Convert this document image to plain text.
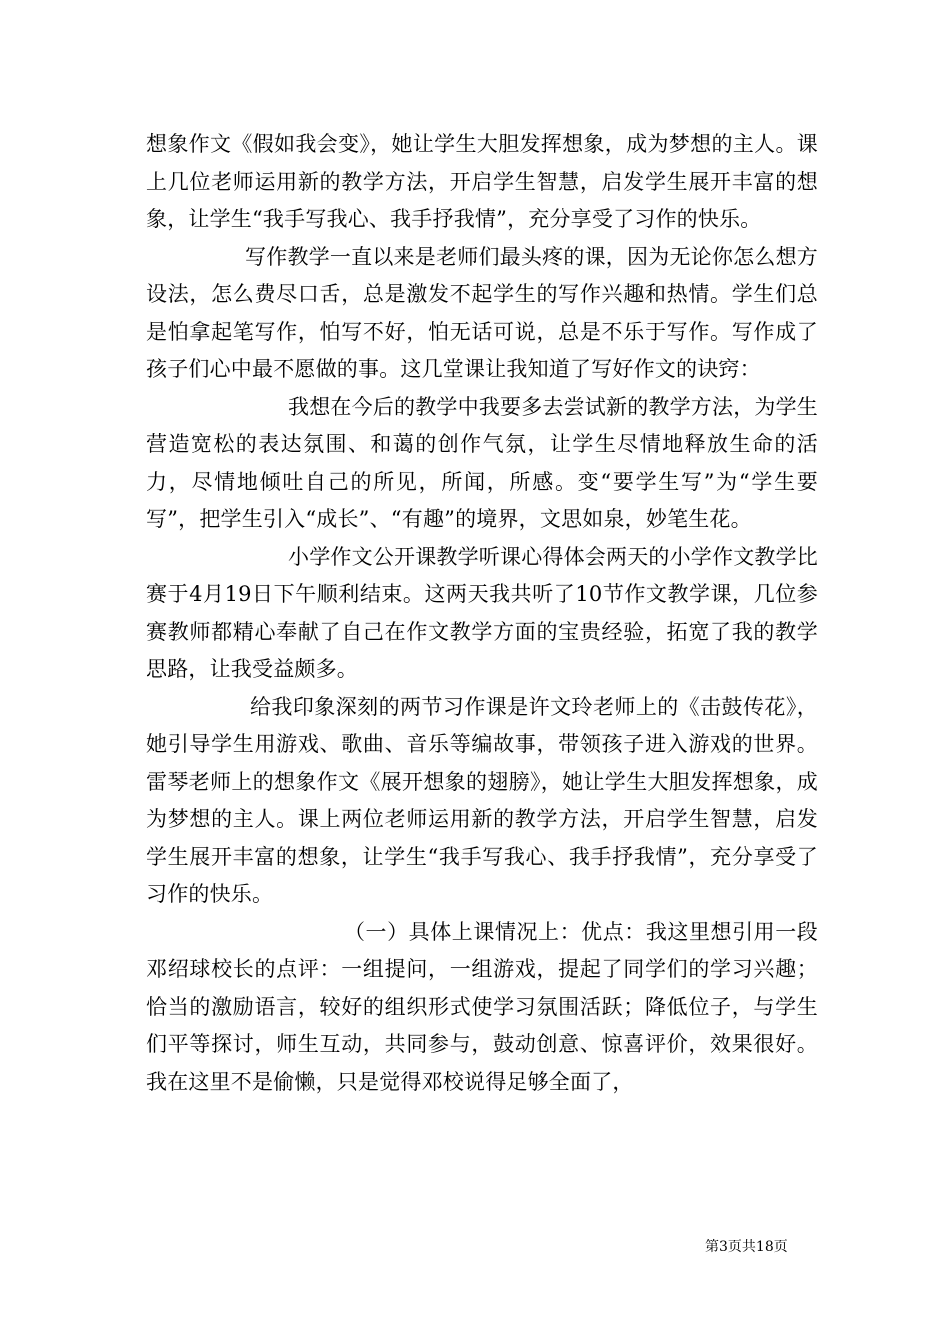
想象作文《假如我会变》，她让学生大胆发挥想象，成为梦想的主人。课上几位老师运用新的教学方法，开启学生智慧，启发学生展开丰富的想象，让学生“我手写我心、我手抒我情”，充分享受了习作的快乐。

写作教学一直以来是老师们最头疼的课，因为无论你怎么想方设法，怎么费尽口舌，总是激发不起学生的写作兴趣和热情。学生们总是怕拿起笔写作，怕写不好，怕无话可说，总是不乐于写作。写作成了孩子们心中最不愿做的事。这几堂课让我知道了写好作文的诀窍：

我想在今后的教学中我要多去尝试新的教学方法，为学生营造宽松的表达氛围、和蔼的创作气氛，让学生尽情地释放生命的活力，尽情地倾吐自己的所见，所闻，所感。变“要学生写”为“学生要写”，把学生引入“成长”、“有趣”的境界，文思如泉，妙笔生花。

小学作文公开课教学听课心得体会两天的小学作文教学比赛于4月19日下午顺利结束。这两天我共听了10节作文教学课，几位参赛教师都精心奉献了自己在作文教学方面的宝贵经验，拓宽了我的教学思路，让我受益颇多。

给我印象深刻的两节习作课是许文玲老师上的《击鼓传花》，她引导学生用游戏、歌曲、音乐等编故事，带领孩子进入游戏的世界。雷琴老师上的想象作文《展开想象的翅膀》，她让学生大胆发挥想象，成为梦想的主人。课上两位老师运用新的教学方法，开启学生智慧，启发学生展开丰富的想象，让学生“我手写我心、我手抒我情”，充分享受了习作的快乐。

（一）具体上课情况上：优点：我这里想引用一段邓绍球校长的点评：一组提问，一组游戏，提起了同学们的学习兴趣；恰当的激励语言，较好的组织形式使学习氛围活跃；降低位子，与学生们平等探讨，师生互动，共同参与，鼓动创意、惊喜评价，效果很好。我在这里不是偷懒，只是觉得邓校说得足够全面了，

第3页共18页
